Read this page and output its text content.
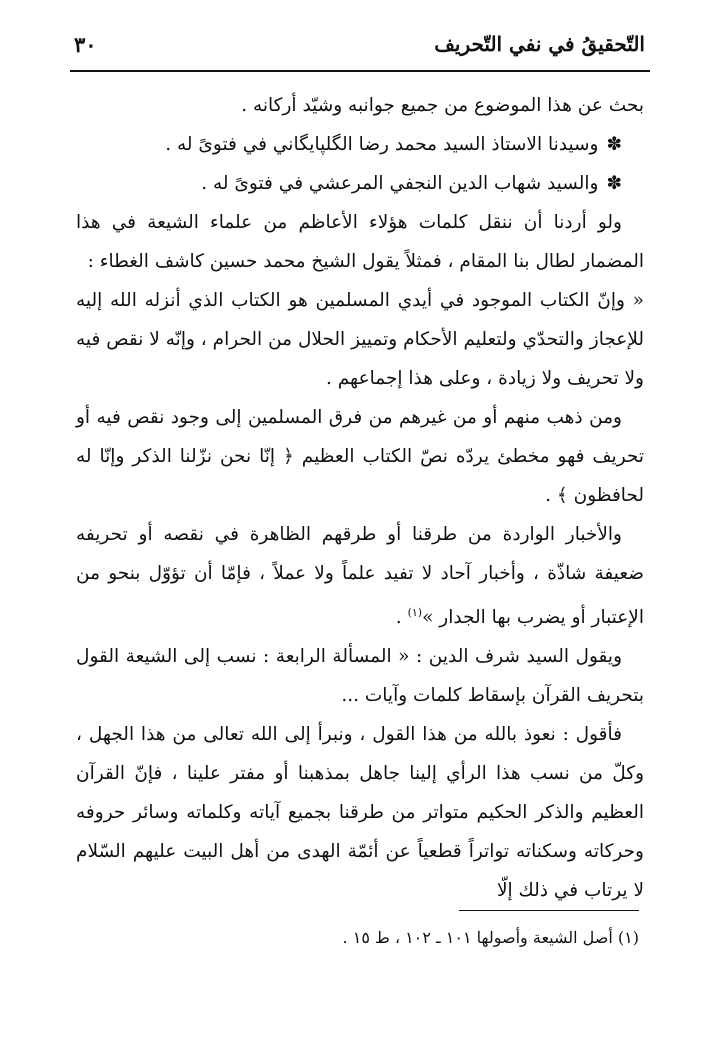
التّحقيقُ في نفي التّحريف
٣٠

بحث عن هذا الموضوع من جميع جوانبه وشيّد أركانه .

✽وسيدنا الاستاذ السيد محمد رضا الگلپايگاني في فتوىً له .

✽والسيد شهاب الدين النجفي المرعشي في فتوىً له .

ولو أردنا أن ننقل كلمات هؤلاء الأعاظم من علماء الشيعة في هذا المضمار لطال بنا المقام ، فمثلاً يقول الشيخ محمد حسين كاشف الغطاء :

« وإنّ الكتاب الموجود في أيدي المسلمين هو الكتاب الذي أنزله الله إليه للإعجاز والتحدّي ولتعليم الأحكام وتمييز الحلال من الحرام ، وإنّه لا نقص فيه ولا تحريف ولا زيادة ، وعلى هذا إجماعهم .

ومن ذهب منهم أو من غيرهم من فرق المسلمين إلى وجود نقص فيه أو تحريف فهو مخطئ يردّه نصّ الكتاب العظيم ﴿ إنّا نحن نزّلنا الذكر وإنّا له لحافظون ﴾ .

والأخبار الواردة من طرقنا أو طرقهم الظاهرة في نقصه أو تحريفه ضعيفة شاذّة ، وأخبار آحاد لا تفيد علماً ولا عملاً ، فإمّا أن تؤوّل بنحو من الإعتبار أو يضرب بها الجدار »$^{(١)}$ .

ويقول السيد شرف الدين : « المسألة الرابعة : نسب إلى الشيعة القول بتحريف القرآن بإسقاط كلمات وآيات ...

فأقول : نعوذ بالله من هذا القول ، ونبرأ إلى الله تعالى من هذا الجهل ، وكلّ من نسب هذا الرأي إلينا جاهل بمذهبنا أو مفتر علينا ، فإنّ القرآن العظيم والذكر الحكيم متواتر من طرقنا بجميع آياته وكلماته وسائر حروفه وحركاته وسكناته تواتراً قطعياً عن أئمّة الهدى من أهل البيت عليهم السّلام لا يرتاب في ذلك إلّا

(١) أصل الشيعة وأصولها ١٠١ ـ ١٠٢ ، ط ١٥ .
